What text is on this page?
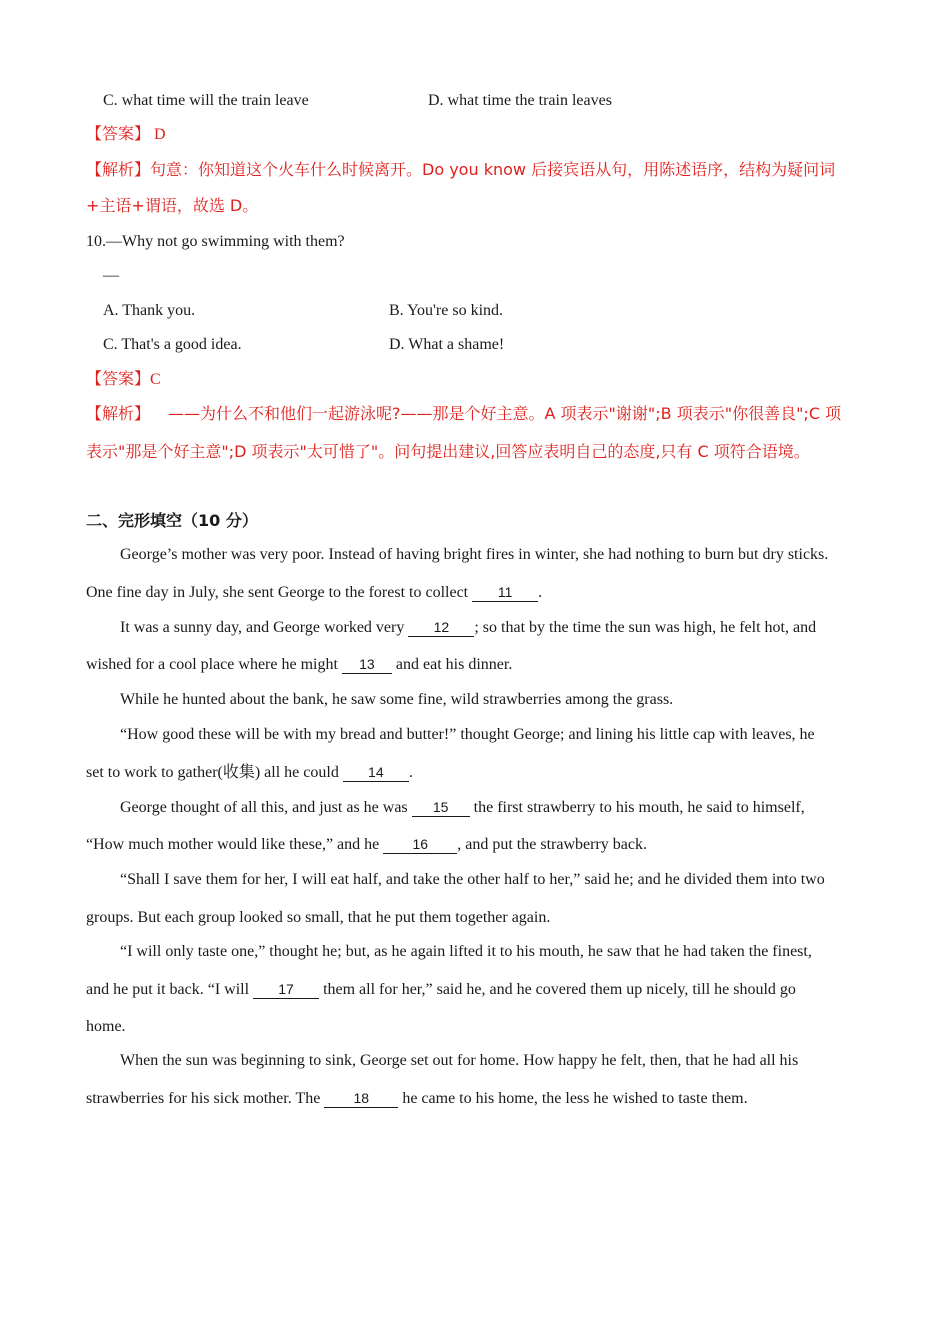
C. what time will the train leave	D. what time the train leaves
【答案】 D
【解析】句意：你知道这个火车什么时候离开。Do you know 后接宾语从句，用陈述语序，结构为疑问词
+主语+谓语，故选 D。
10.—Why not go swimming with them?
—
A. Thank you.	B. You're so kind.
C. That's a good idea.	D. What a shame!
【答案】C
【解析】 ——为什么不和他们一起游泳呢?——那是个好主意。A 项表示"谢谢";B 项表示"你很善良";C 项
表示"那是个好主意";D 项表示"太可惜了"。问句提出建议,回答应表明自己的态度,只有 C 项符合语境。
二、完形填空（10 分）
George’s mother was very poor. Instead of having bright fires in winter, she had nothing to burn but dry sticks.
One fine day in July, she sent George to the forest to collect 11 .
It was a sunny day, and George worked very 12 ; so that by the time the sun was high, he felt hot, and
wished for a cool place where he might 13 and eat his dinner.
While he hunted about the bank, he saw some fine, wild strawberries among the grass.
“How good these will be with my bread and butter!” thought George; and lining his little cap with leaves, he
set to work to gather(收集) all he could 14 .
George thought of all this, and just as he was 15 the first strawberry to his mouth, he said to himself,
“How much mother would like these,” and he 16 , and put the strawberry back.
“Shall I save them for her, I will eat half, and take the other half to her,” said he; and he divided them into two
groups. But each group looked so small, that he put them together again.
“I will only taste one,” thought he; but, as he again lifted it to his mouth, he saw that he had taken the finest,
and he put it back. “I will 17 them all for her,” said he, and he covered them up nicely, till he should go
home.
When the sun was beginning to sink, George set out for home. How happy he felt, then, that he had all his
strawberries for his sick mother. The 18 he came to his home, the less he wished to taste them.
